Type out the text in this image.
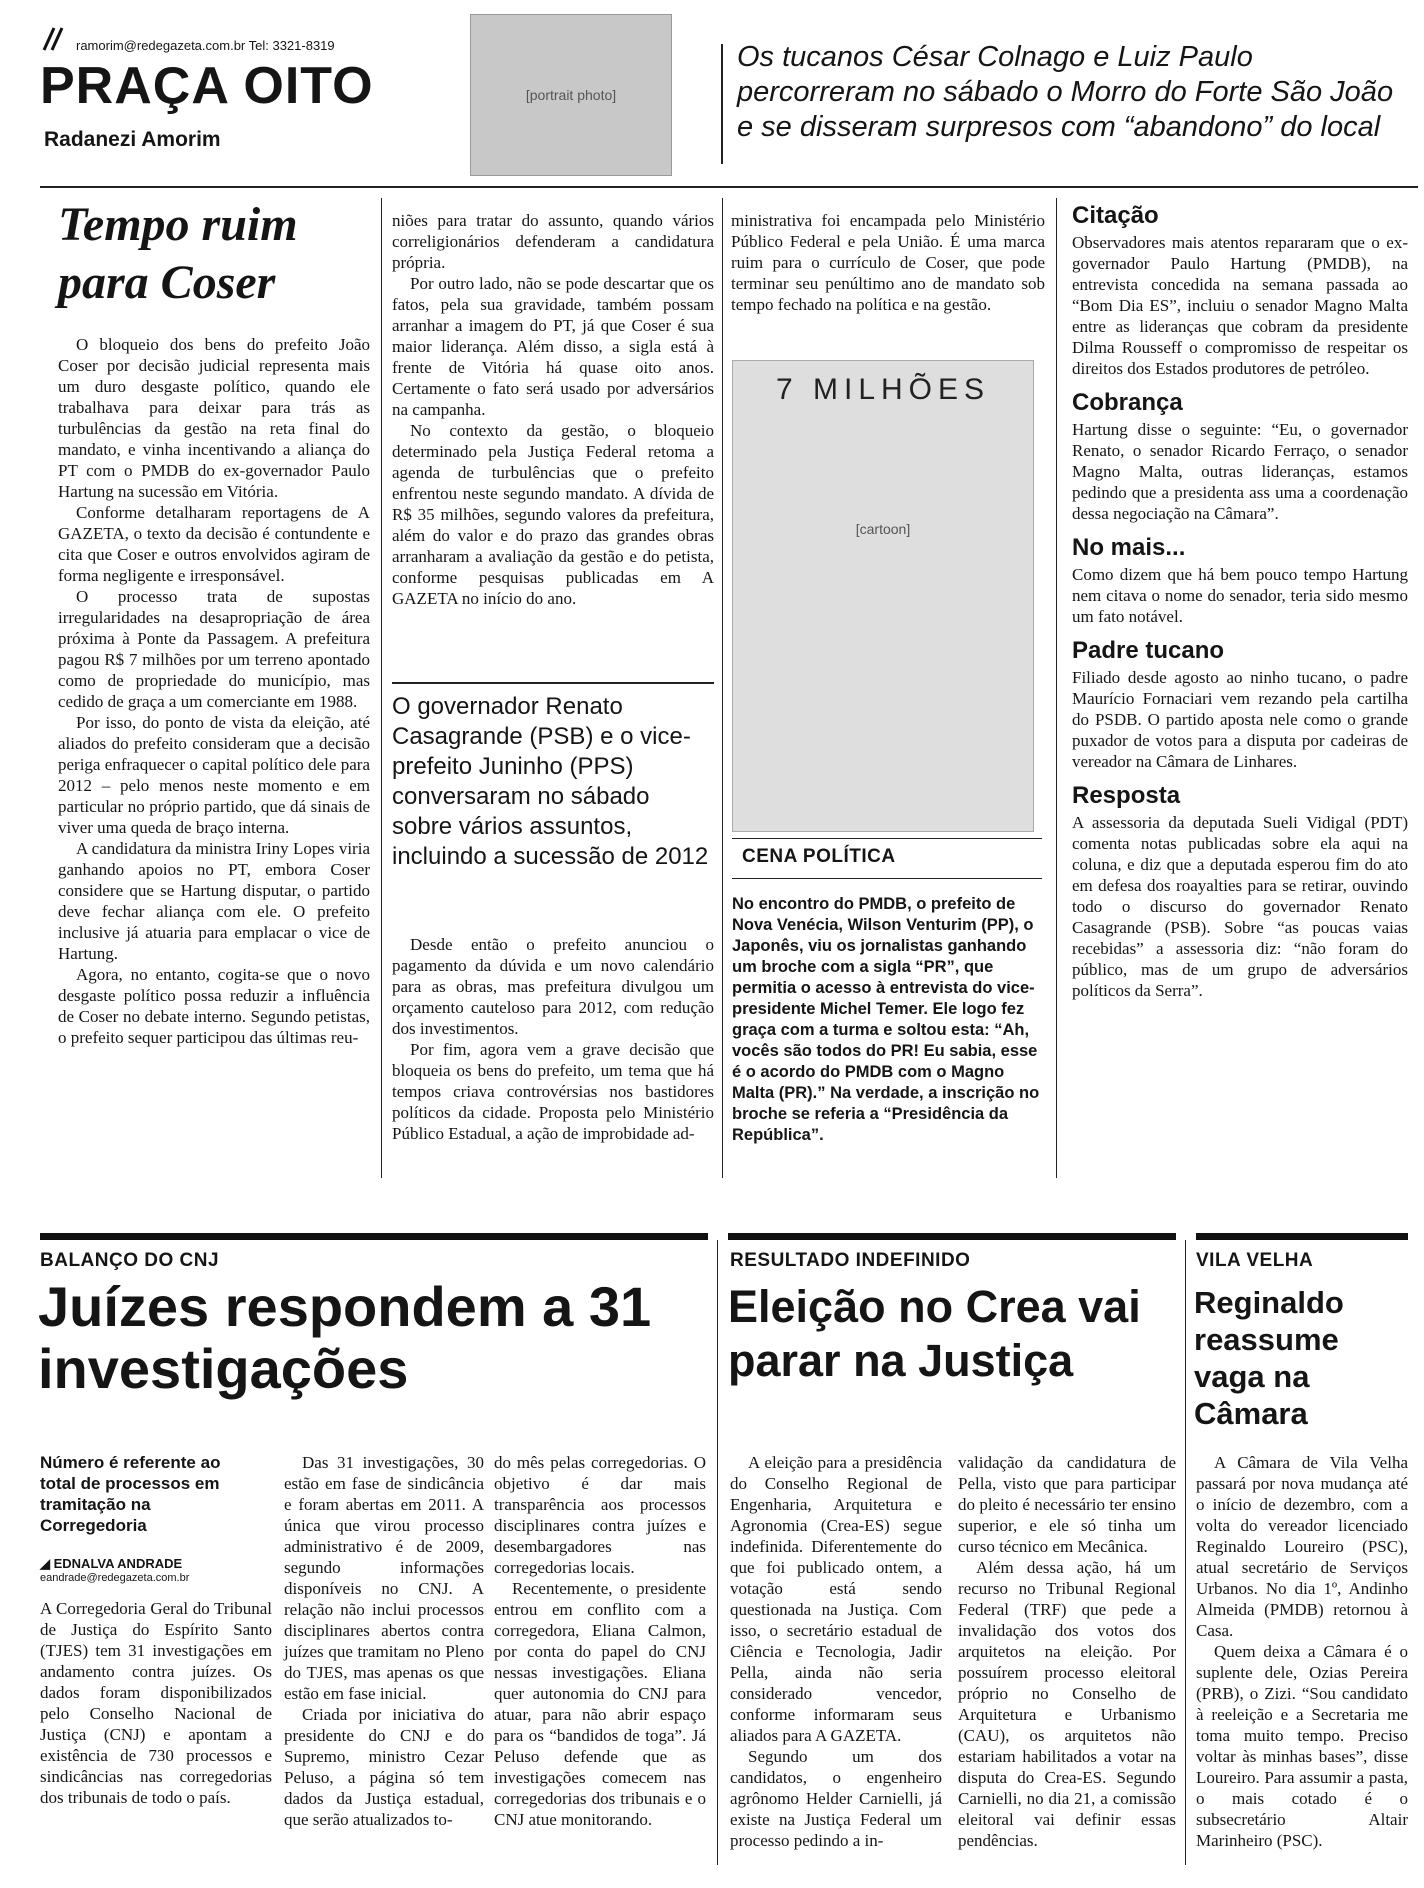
ramorim@redegazeta.com.br Tel: 3321-8319
PRAÇA OITO
Radanezi Amorim
[portrait photo]
Os tucanos César Colnago e Luiz Paulo percorreram no sábado o Morro do Forte São João e se disseram surpresos com “abandono” do local
Tempo ruim para Coser

O bloqueio dos bens do prefeito João Coser por decisão judicial representa mais um duro desgaste político, quando ele trabalhava para deixar para trás as turbulências da gestão na reta final do mandato, e vinha incentivando a aliança do PT com o PMDB do ex-governador Paulo Hartung na sucessão em Vitória.

Conforme detalharam reportagens de A GAZETA, o texto da decisão é contundente e cita que Coser e outros envolvidos agiram de forma negligente e irresponsável.

O processo trata de supostas irregularidades na desapropriação de área próxima à Ponte da Passagem. A prefeitura pagou R$ 7 milhões por um terreno apontado como de propriedade do município, mas cedido de graça a um comerciante em 1988.

Por isso, do ponto de vista da eleição, até aliados do prefeito consideram que a decisão periga enfraquecer o capital político dele para 2012 – pelo menos neste momento e em particular no próprio partido, que dá sinais de viver uma queda de braço interna.

A candidatura da ministra Iriny Lopes viria ganhando apoios no PT, embora Coser considere que se Hartung disputar, o partido deve fechar aliança com ele. O prefeito inclusive já atuaria para emplacar o vice de Hartung.

Agora, no entanto, cogita-se que o novo desgaste político possa reduzir a influência de Coser no debate interno. Segundo petistas, o prefeito sequer participou das últimas reu-

niões para tratar do assunto, quando vários correligionários defenderam a candidatura própria.

Por outro lado, não se pode descartar que os fatos, pela sua gravidade, também possam arranhar a imagem do PT, já que Coser é sua maior liderança. Além disso, a sigla está à frente de Vitória há quase oito anos. Certamente o fato será usado por adversários na campanha.

No contexto da gestão, o bloqueio determinado pela Justiça Federal retoma a agenda de turbulências que o prefeito enfrentou neste segundo mandato. A dívida de R$ 35 milhões, segundo valores da prefeitura, além do valor e do prazo das grandes obras arranharam a avaliação da gestão e do petista, conforme pesquisas publicadas em A GAZETA no início do ano.

O governador Renato Casagrande (PSB) e o vice-prefeito Juninho (PPS) conversaram no sábado sobre vários assuntos, incluindo a sucessão de 2012

Desde então o prefeito anunciou o pagamento da dúvida e um novo calendário para as obras, mas prefeitura divulgou um orçamento cauteloso para 2012, com redução dos investimentos.

Por fim, agora vem a grave decisão que bloqueia os bens do prefeito, um tema que há tempos criava controvérsias nos bastidores políticos da cidade. Proposta pelo Ministério Público Estadual, a ação de improbidade ad-

ministrativa foi encampada pelo Ministério Público Federal e pela União. É uma marca ruim para o currículo de Coser, que pode terminar seu penúltimo ano de mandato sob tempo fechado na política e na gestão.

7 MILHÕES
[cartoon]
CENA POLÍTICA
No encontro do PMDB, o prefeito de Nova Venécia, Wilson Venturim (PP), o Japonês, viu os jornalistas ganhando um broche com a sigla “PR”, que permitia o acesso à entrevista do vice-presidente Michel Temer. Ele logo fez graça com a turma e soltou esta: “Ah, vocês são todos do PR! Eu sabia, esse é o acordo do PMDB com o Magno Malta (PR).” Na verdade, a inscrição no broche se referia a “Presidência da República”.
Citação
Observadores mais atentos repararam que o ex-governador Paulo Hartung (PMDB), na entrevista concedida na semana passada ao “Bom Dia ES”, incluiu o senador Magno Malta entre as lideranças que cobram da presidente Dilma Rousseff o compromisso de respeitar os direitos dos Estados produtores de petróleo.
Cobrança
Hartung disse o seguinte: “Eu, o governador Renato, o senador Ricardo Ferraço, o senador Magno Malta, outras lideranças, estamos pedindo que a presidenta ass uma a coordenação dessa negociação na Câmara”.
No mais...
Como dizem que há bem pouco tempo Hartung nem citava o nome do senador, teria sido mesmo um fato notável.
Padre tucano
Filiado desde agosto ao ninho tucano, o padre Maurício Fornaciari vem rezando pela cartilha do PSDB. O partido aposta nele como o grande puxador de votos para a disputa por cadeiras de vereador na Câmara de Linhares.
Resposta
A assessoria da deputada Sueli Vidigal (PDT) comenta notas publicadas sobre ela aqui na coluna, e diz que a deputada esperou fim do ato em defesa dos roayalties para se retirar, ouvindo todo o discurso do governador Renato Casagrande (PSB). Sobre “as poucas vaias recebidas” a assessoria diz: “não foram do público, mas de um grupo de adversários políticos da Serra”.
BALANÇO DO CNJ
Juízes respondem a 31 investigações
Número é referente ao total de processos em tramitação na Corregedoria
◢ EDNALVA ANDRADE
eandrade@redegazeta.com.br

A Corregedoria Geral do Tribunal de Justiça do Espírito Santo (TJES) tem 31 investigações em andamento contra juízes. Os dados foram disponibilizados pelo Conselho Nacional de Justiça (CNJ) e apontam a existência de 730 processos e sindicâncias nas corregedorias dos tribunais de todo o país.

Das 31 investigações, 30 estão em fase de sindicância e foram abertas em 2011. A única que virou processo administrativo é de 2009, segundo informações disponíveis no CNJ. A relação não inclui processos disciplinares abertos contra juízes que tramitam no Pleno do TJES, mas apenas os que estão em fase inicial.

Criada por iniciativa do presidente do CNJ e do Supremo, ministro Cezar Peluso, a página só tem dados da Justiça estadual, que serão atualizados to-

do mês pelas corregedorias. O objetivo é dar mais transparência aos processos disciplinares contra juízes e desembargadores nas corregedorias locais.

Recentemente, o presidente entrou em conflito com a corregedora, Eliana Calmon, por conta do papel do CNJ nessas investigações. Eliana quer autonomia do CNJ para atuar, para não abrir espaço para os “bandidos de toga”. Já Peluso defende que as investigações comecem nas corregedorias dos tribunais e o CNJ atue monitorando.

RESULTADO INDEFINIDO
Eleição no Crea vai parar na Justiça

A eleição para a presidência do Conselho Regional de Engenharia, Arquitetura e Agronomia (Crea-ES) segue indefinida. Diferentemente do que foi publicado ontem, a votação está sendo questionada na Justiça. Com isso, o secretário estadual de Ciência e Tecnologia, Jadir Pella, ainda não seria considerado vencedor, conforme informaram seus aliados para A GAZETA.

Segundo um dos candidatos, o engenheiro agrônomo Helder Carnielli, já existe na Justiça Federal um processo pedindo a in-

validação da candidatura de Pella, visto que para participar do pleito é necessário ter ensino superior, e ele só tinha um curso técnico em Mecânica.

Além dessa ação, há um recurso no Tribunal Regional Federal (TRF) que pede a invalidação dos votos dos arquitetos na eleição. Por possuírem processo eleitoral próprio no Conselho de Arquitetura e Urbanismo (CAU), os arquitetos não estariam habilitados a votar na disputa do Crea-ES. Segundo Carnielli, no dia 21, a comissão eleitoral vai definir essas pendências.

VILA VELHA
Reginaldo reassume vaga na Câmara

A Câmara de Vila Velha passará por nova mudança até o início de dezembro, com a volta do vereador licenciado Reginaldo Loureiro (PSC), atual secretário de Serviços Urbanos. No dia 1º, Andinho Almeida (PMDB) retornou à Casa.

Quem deixa a Câmara é o suplente dele, Ozias Pereira (PRB), o Zizi. “Sou candidato à reeleição e a Secretaria me toma muito tempo. Preciso voltar às minhas bases”, disse Loureiro. Para assumir a pasta, o mais cotado é o subsecretário Altair Marinheiro (PSC).
